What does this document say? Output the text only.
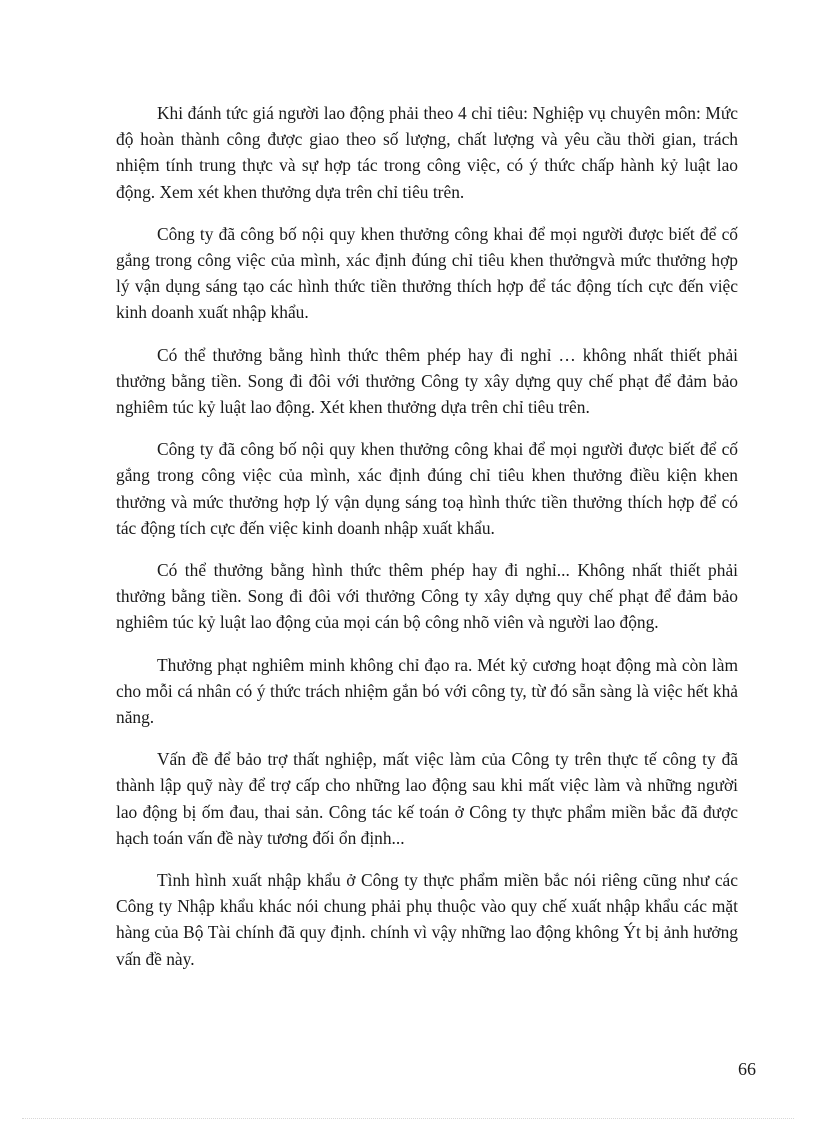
Khi đánh tức giá người lao động phải theo 4 chỉ tiêu: Nghiệp vụ chuyên môn: Mức độ hoàn thành công được giao theo số lượng, chất lượng và yêu cầu thời gian, trách nhiệm tính trung thực và sự hợp tác trong công việc, có ý thức chấp hành kỷ luật lao động. Xem xét khen thưởng dựa trên chỉ tiêu trên.

Công ty đã công bố nội quy khen thưởng công khai để mọi người được biết để cố gắng trong công việc của mình, xác định đúng chỉ tiêu khen thưởngvà mức thưởng hợp lý vận dụng sáng tạo các hình thức tiền thưởng thích hợp để tác động tích cực đến việc kinh doanh xuất nhập khẩu.

Có thể thưởng bằng hình thức thêm phép hay đi nghỉ … không nhất thiết phải thưởng bằng tiền. Song đi đôi với thưởng Công ty xây dựng quy chế phạt để đảm bảo nghiêm túc kỷ luật lao động. Xét khen thưởng dựa trên chỉ tiêu trên.

Công ty đã công bố nội quy khen thưởng công khai để mọi người được biết để cố gắng trong công việc của mình, xác định đúng chỉ tiêu khen thưởng điều kiện khen thưởng và mức thưởng hợp lý vận dụng sáng toạ hình thức tiền thưởng thích hợp để có tác động tích cực đến việc kinh doanh nhập xuất khẩu.

Có thể thưởng bằng hình thức thêm phép hay đi nghỉ... Không nhất thiết phải thưởng bằng tiền. Song đi đôi với thưởng Công ty xây dựng quy chế phạt để đảm bảo nghiêm túc kỷ luật lao động của mọi cán bộ công nhõ viên và người lao động.

Thưởng phạt nghiêm minh không chỉ đạo ra. Mét kỷ cương hoạt động mà còn làm cho mỗi cá nhân có ý thức trách nhiệm gắn bó với công ty, từ đó sẵn sàng là việc hết khả năng.

Vấn đề để bảo trợ thất nghiệp, mất việc làm của Công ty trên thực tế công ty đã thành lập quỹ này để trợ cấp cho những lao động sau khi mất việc làm và những người lao động bị ốm đau, thai sản. Công tác kế toán ở Công ty thực phẩm miền bắc đã được hạch toán vấn đề này tương đối ổn định...

Tình hình xuất nhập khẩu ở Công ty thực phẩm miền bắc nói riêng cũng như các Công ty Nhập khẩu khác nói chung phải phụ thuộc vào quy chế xuất nhập khẩu các mặt hàng của Bộ Tài chính đã quy định. chính vì vậy những lao động không Ýt bị ảnh hưởng vấn đề này.

66
